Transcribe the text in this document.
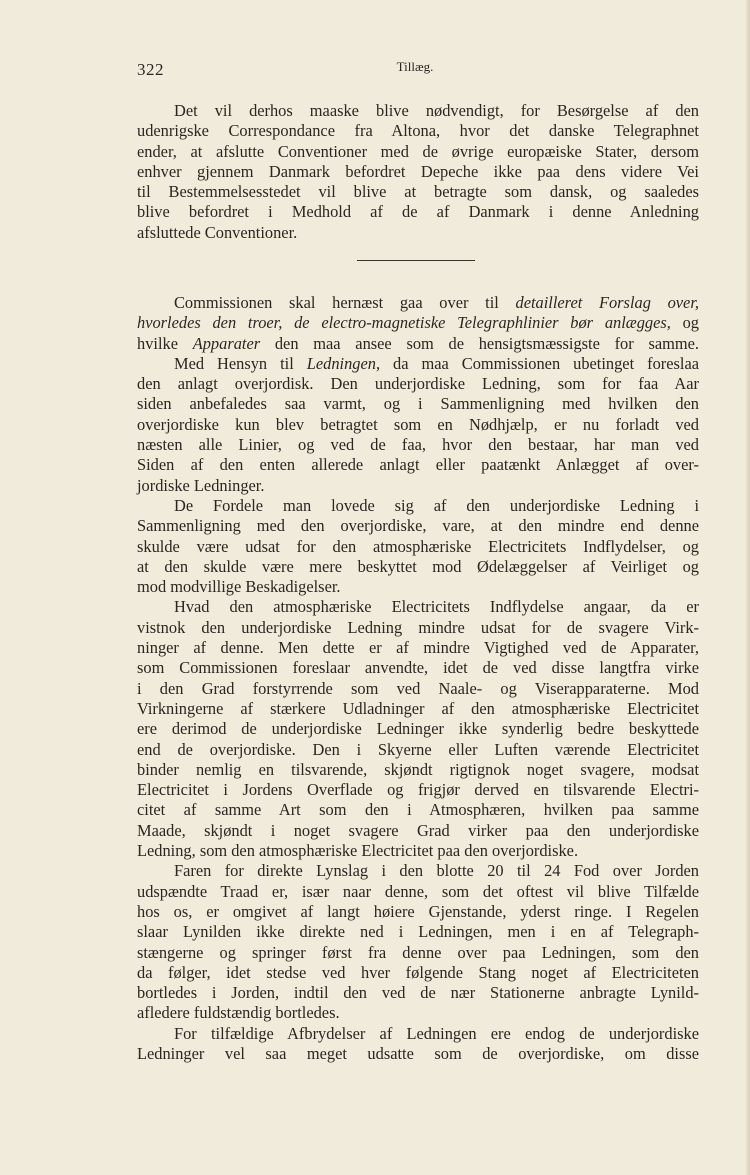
322	Tillæg.
Det vil derhos maaske blive nødvendigt, for Besørgelse af den
udenrigske Correspondance fra Altona, hvor det danske Telegraphnet
ender, at afslutte Conventioner med de øvrige europæiske Stater, dersom
enhver gjennem Danmark befordret Depeche ikke paa dens videre Vei
til Bestemmelsesstedet vil blive at betragte som dansk, og saaledes
blive befordret i Medhold af de af Danmark i denne Anledning
afsluttede Conventioner.
Commissionen skal hernæst gaa over til detailleret Forslag over,
hvorledes den troer, de electro-magnetiske Telegraphlinier bør anlægges, og
hvilke Apparater den maa ansee som de hensigtsmæssigste for samme.
Med Hensyn til Ledningen, da maa Commissionen ubetinget foreslaa
den anlagt overjordisk. Den underjordiske Ledning, som for faa Aar
siden anbefaledes saa varmt, og i Sammenligning med hvilken den
overjordiske kun blev betragtet som en Nødhjælp, er nu forladt ved
næsten alle Linier, og ved de faa, hvor den bestaar, har man ved
Siden af den enten allerede anlagt eller paatænkt Anlægget af over-
jordiske Ledninger.
De Fordele man lovede sig af den underjordiske Ledning i
Sammenligning med den overjordiske, vare, at den mindre end denne
skulde være udsat for den atmosphæriske Electricitets Indflydelser, og
at den skulde være mere beskyttet mod Ødelæggelser af Veirliget og
mod modvillige Beskadigelser.
Hvad den atmosphæriske Electricitets Indflydelse angaar, da er
vistnok den underjordiske Ledning mindre udsat for de svagere Virk-
ninger af denne. Men dette er af mindre Vigtighed ved de Apparater,
som Commissionen foreslaar anvendte, idet de ved disse langtfra virke
i den Grad forstyrrende som ved Naale- og Viserapparaterne. Mod
Virkningerne af stærkere Udladninger af den atmosphæriske Electricitet
ere derimod de underjordiske Ledninger ikke synderlig bedre beskyttede
end de overjordiske. Den i Skyerne eller Luften værende Electricitet
binder nemlig en tilsvarende, skjøndt rigtignok noget svagere, modsat
Electricitet i Jordens Overflade og frigjør derved en tilsvarende Electri-
citet af samme Art som den i Atmosphæren, hvilken paa samme
Maade, skjøndt i noget svagere Grad virker paa den underjordiske
Ledning, som den atmosphæriske Electricitet paa den overjordiske.
Faren for direkte Lynslag i den blotte 20 til 24 Fod over Jorden
udspændte Traad er, især naar denne, som det oftest vil blive Tilfælde
hos os, er omgivet af langt høiere Gjenstande, yderst ringe. I Regelen
slaar Lynilden ikke direkte ned i Ledningen, men i en af Telegraph-
stængerne og springer først fra denne over paa Ledningen, som den
da følger, idet stedse ved hver følgende Stang noget af Electriciteten
bortledes i Jorden, indtil den ved de nær Stationerne anbragte Lynild-
afledere fuldstændig bortledes.
For tilfældige Afbrydelser af Ledningen ere endog de underjordiske
Ledninger vel saa meget udsatte som de overjordiske, om disse
